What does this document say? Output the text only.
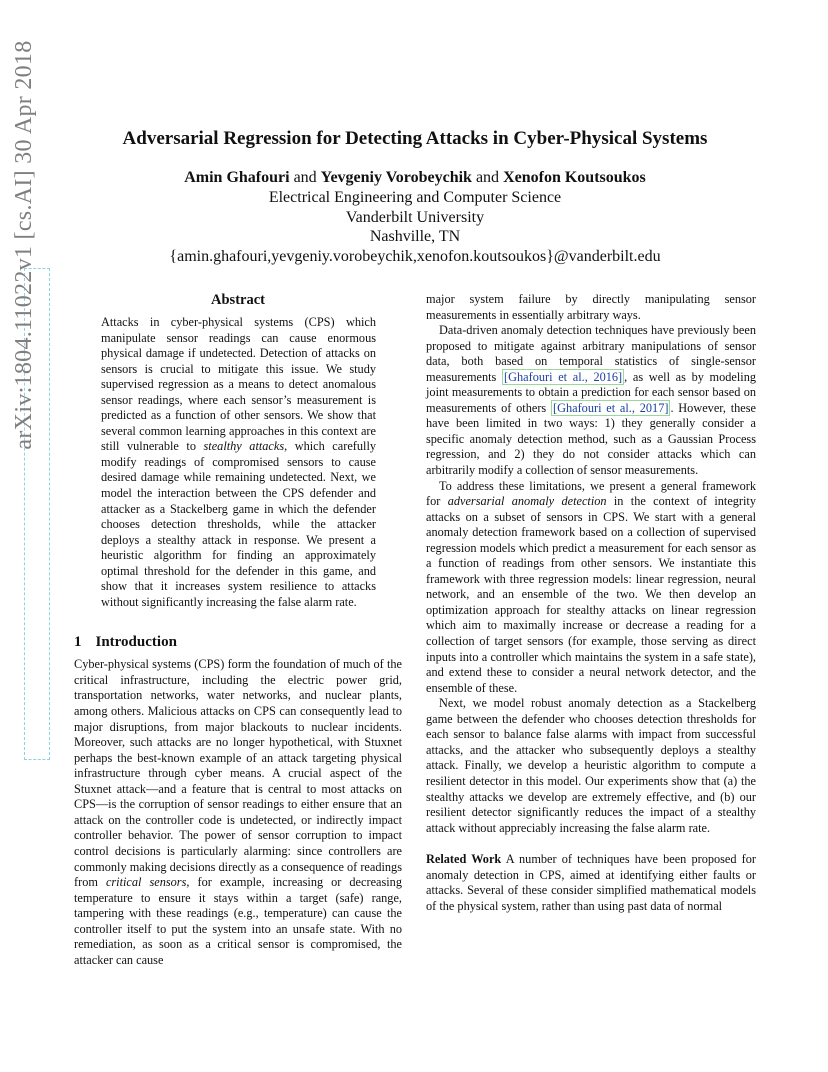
arXiv:1804.11022v1 [cs.AI] 30 Apr 2018	Adversarial Regression for Detecting Attacks in Cyber-Physical Systems
Amin Ghafouri and Yevgeniy Vorobeychik and Xenofon Koutsoukos
Electrical Engineering and Computer Science
Vanderbilt University
Nashville, TN
{amin.ghafouri,yevgeniy.vorobeychik,xenofon.koutsoukos}@vanderbilt.edu
Abstract
Attacks in cyber-physical systems (CPS) which manipulate sensor readings can cause enormous physical damage if undetected. Detection of attacks on sensors is crucial to mitigate this issue. We study supervised regression as a means to detect anomalous sensor readings, where each sensor’s measurement is predicted as a function of other sensors. We show that several common learning approaches in this context are still vulnerable to stealthy attacks, which carefully modify readings of compromised sensors to cause desired damage while remaining undetected. Next, we model the interaction between the CPS defender and attacker as a Stackelberg game in which the defender chooses detection thresholds, while the attacker deploys a stealthy attack in response. We present a heuristic algorithm for finding an approximately optimal threshold for the defender in this game, and show that it increases system resilience to attacks without significantly increasing the false alarm rate.
1 Introduction

Cyber-physical systems (CPS) form the foundation of much of the critical infrastructure, including the electric power grid, transportation networks, water networks, and nuclear plants, among others. Malicious attacks on CPS can consequently lead to major disruptions, from major blackouts to nuclear incidents. Moreover, such attacks are no longer hypothetical, with Stuxnet perhaps the best-known example of an attack targeting physical infrastructure through cyber means. A crucial aspect of the Stuxnet attack—and a feature that is central to most attacks on CPS—is the corruption of sensor readings to either ensure that an attack on the controller code is undetected, or indirectly impact controller behavior. The power of sensor corruption to impact control decisions is particularly alarming: since controllers are commonly making decisions directly as a consequence of readings from critical sensors, for example, increasing or decreasing temperature to ensure it stays within a target (safe) range, tampering with these readings (e.g., temperature) can cause the controller itself to put the system into an unsafe state. With no remediation, as soon as a critical sensor is compromised, the attacker can cause

major system failure by directly manipulating sensor measurements in essentially arbitrary ways.

Data-driven anomaly detection techniques have previously been proposed to mitigate against arbitrary manipulations of sensor data, both based on temporal statistics of single-sensor measurements [Ghafouri et al., 2016] , as well as by modeling joint measurements to obtain a prediction for each sensor based on measurements of others [Ghafouri et al., 2017] . However, these have been limited in two ways: 1) they generally consider a specific anomaly detection method, such as a Gaussian Process regression, and 2) they do not consider attacks which can arbitrarily modify a collection of sensor measurements.

To address these limitations, we present a general framework for adversarial anomaly detection in the context of integrity attacks on a subset of sensors in CPS. We start with a general anomaly detection framework based on a collection of supervised regression models which predict a measurement for each sensor as a function of readings from other sensors. We instantiate this framework with three regression models: linear regression, neural network, and an ensemble of the two. We then develop an optimization approach for stealthy attacks on linear regression which aim to maximally increase or decrease a reading for a collection of target sensors (for example, those serving as direct inputs into a controller which maintains the system in a safe state), and extend these to consider a neural network detector, and the ensemble of these.

Next, we model robust anomaly detection as a Stackelberg game between the defender who chooses detection thresholds for each sensor to balance false alarms with impact from successful attacks, and the attacker who subsequently deploys a stealthy attack. Finally, we develop a heuristic algorithm to compute a resilient detector in this model. Our experiments show that (a) the stealthy attacks we develop are extremely effective, and (b) our resilient detector significantly reduces the impact of a stealthy attack without appreciably increasing the false alarm rate.

Related Work A number of techniques have been proposed for anomaly detection in CPS, aimed at identifying either faults or attacks. Several of these consider simplified mathematical models of the physical system, rather than using past data of normal
